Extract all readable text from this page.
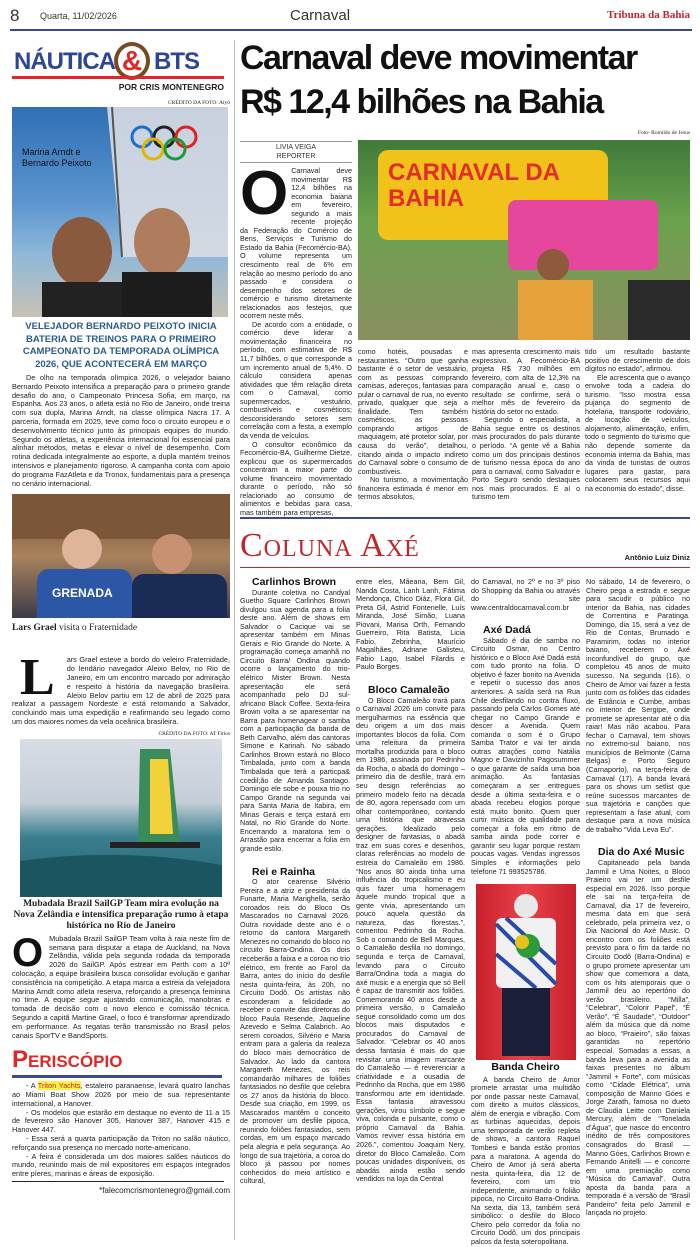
8 Quarta, 11/02/2026	Carnaval	Tribuna da Bahia
NÁUTICA & BTS
POR CRIS MONTENEGRO
CRÉDITO DA FOTO: Aiyô
Marina Arndt e Bernardo Peixoto
VELEJADOR BERNARDO PEIXOTO INICIA BATERIA DE TREINOS PARA O PRIMEIRO CAMPEONATO DA TEMPORADA OLÍMPICA 2026, QUE ACONTECERÁ EM MARÇO

De olho na temporada olímpica 2026, o velejador baiano Bernardo Peixoto intensifica a preparação para o primeiro grande desafio do ano, o Campeonato Princesa Sofia, em março, na Espanha. Aos 23 anos, o atleta está no Rio de Janeiro, onde treina com sua dupla, Marina Arndt, na classe olímpica Nacra 17. A parceria, formada em 2025, teve como foco o circuito europeu e o desenvolvimento técnico junto às principais equipes do mundo. Segundo os atletas, a experiência internacional foi essencial para alinhar métodos, metas e elevar o nível de desempenho. Com rotina dedicada integralmente ao esporte, a dupla mantém treinos intensivos e planejamento rigoroso. A campanha conta com apoio do programa FazAtleta e da Tronox, fundamentais para a presença no cenário internacional.

GRENADA
Lars Grael visita o Fraternidade
L ars Grael esteve a bordo do veleiro Fraternidade, do lendário navegador Aleixo Belov, no Rio de Janeiro, em um encontro marcado por admiração e respeito à história da navegação brasileira. Aleixo Belov partiu em 12 de abril de 2025 para realizar a passagem Nordeste e está retomando a Salvador, concluindo mais uma expedição e reafirmando seu legado como um dos maiores nomes da vela oceânica brasileira.
CRÉDITO DA FOTO: AT Fitlos
Mubadala Brazil SailGP Team mira evolução na Nova Zelândia e intensifica preparação rumo à etapa histórica no Rio de Janeiro
O Mubadala Brazil SailGP Team volta à raia neste fim de semana para disputar a etapa de Auckland, na Nova Zelândia, válida pela segunda rodada da temporada 2026 do SailGP. Após estrear em Perth com a 10ª colocação, a equipe brasileira busca consolidar evolução e ganhar consistência na competição. A etapa marca a estreia da velejadora Marina Arndt como atleta reserva, reforçando a presença feminina no time. A equipe segue ajustando comunicação, manobras e tomada de decisão com o novo elenco e comissão técnica. Segundo a capitã Martine Grael, o foco é transformar aprendizado em performance. As regatas terão transmissão no Brasil pelos canais SporTV e BandSports.
Periscópio

- A Triton Yachts, estaleiro paranaense, levará quatro lanchas ao Miami Boat Show 2026 por meio de sua representante internacional, a Hanover.

- Os modelos que estarão em destaque no evento de 11 a 15 de fevereiro são Hanover 305, Hanover 387, Hanover 415 e Hanover 447.

- Essa será a quarta participação da Triton no salão náutico, reforçando sua presença no mercado norte-americano.

- A feira é considerada um dos maiores salões náuticos do mundo, reunindo mais de mil expositores em espaços integrados entre píeres, marinas e áreas de exposição.

*falecomcrismontenegro@gmail.com
Carnaval deve movimentar
R$ 12,4 bilhões na Bahia
Foto- Romildo de Jesus
LIVIA VEIGA
REPORTER
O Carnaval deve movimentar R$ 12,4 bilhões na economia baiana em fevereiro, segundo a mais recente projeção da Federação do Comércio de Bens, Serviços e Turismo do Estado da Bahia (Fecomércio-BA). O volume representa um crescimento real de 6% em relação ao mesmo período do ano passado e considera o desempenho dos setores de comércio e turismo diretamente relacionados aos festejos, que ocorrem neste mês.

De acordo com a entidade, o comércio deve liderar a movimentação financeira no período, com estimativa de R$ 11,7 bilhões, o que corresponde a um incremento anual de 5,4%. O cálculo considera apenas atividades que têm relação direta com o Carnaval, como supermercados, vestuário, combustíveis e cosméticos; desconsiderando setores sem correlação com a festa, a exemplo da venda de veículos.

O consultor econômico da Fecomércio-BA, Guilherme Dietze, explicou que os supermercados concentram a maior parte do volume financeiro movimentado durante o período, não só relacionado ao consumo de alimentos e bebidas para casa, mas também para empresas,

CARNAVAL DA BAHIA

como hotéis, pousadas e restaurantes. “Outro que ganha bastante é o setor de vestuário, com as pessoas comprando camisas, adereços, fantasias para pular o carnaval de rua, no evento privado, qualquer que seja a finalidade. Tem também cosméticos, as pessoas comprando artigos de maquiagem, até protetor solar, por causa do verão”, detalhou, citando ainda o impacto indireto do Carnaval sobre o consumo de combustíveis.

No turismo, a movimentação financeira estimada é menor em termos absolutos,

mas apresenta crescimento mais expressivo. A Fecomércio-BA projeta R$ 730 milhões em fevereiro, com alta de 12,3% na comparação anual e, caso o resultado se confirme, será o melhor mês de fevereiro da história do setor no estado.

Segundo o especialista, a Bahia segue entre os destinos mais procurados do país durante o período. “A gente vê a Bahia como um dos principais destinos de turismo nessa época do ano para o carnaval, como Salvador e Porto Seguro sendo destaques nos mais procurados. E aí o turismo tem

tido um resultado bastante positivo de crescimento de dois dígitos no estado”, afirmou.

Ele acrescenta que o avanço envolve toda a cadeia do turismo. “Isso mostra essa pujança do segmento de hotelaria, transporte rodoviário, de locação de veículos, alojamento, alimentação, enfim, todo o segmento do turismo que não depende somente da economia interna da Bahia, mas da vinda de turistas de outros lugares para gastar, para colocarem seus recursos aqui na economia do estado”, disse.

Coluna Axé	Antônio Luiz Diniz
Carlinhos Brown

Durante coletiva no Candyal Guetho Square Carlinhos Brown divulgou sua agenda para a folia deste ano. Além de shows em Salvador o Cacique vai se apresentar também em Minas Gerais e Rio Grande do Norte. A programação começa amanhã no Circuito Barra/ Ondina quando ocorre o lançamento do trio-elétrico Mister Brown. Nesta apresentação ele será acompanhado pelo DJ sul-africano Black Coffee. Sexta-feira Brown volta a se aparesentar na Barra para homenagear o samba com a participação da banda de Beth Carvalho, além das cantoras Simone e Karinah. No sábado Carlinhos Brown estará no Bloco Timbalada, junto com a banda Timbalada que terá a particpa& ccedil;ão de Amanda Santiago. Domingo ele sobe e pouxa trio no Campo Grande na segunda vai para Santa Maria de Itabira, em Minas Gerais e terça estará em Natal, no Rio Grande do Norte. Encerrando a maratona tem o Arrastão para encerrar a folia em grande estilo.

Rei e Rainha

O ator cearense Silvério Pereira e a atriz e presidenta da Funarte, Maria Marighella, serão coroados reis do Bloco Os Mascarados no Carnaval 2026. Outra novidade deste ano é o retorno da cantora Margareth Menezes no comando do bloco no circuito Barra-Ondina. Os dois receberão a faixa e a coroa no trio elétrico, em frente ao Farol da Barra, antes do início do desfile nesta quinta-feira, às 20h, no Circuito Dodô. Os artistas não esconderam a felicidade ao receber o convite das diretoras do bloco Paula Resende, Jaqueline Azevedo e Selma Calabrich. Ao serem coroados, Silvério e Maria entram para a galeria da realeza do bloco mais democrático de Salvador. Ao lado da cantora Margareth Menezes, os reis comandarão milhares de foliões fantasiados no desfile que celebra os 27 anos da história do bloco. Desde sua criação, em 1999, os Mascarados mantêm o conceito de promover um desfile pipoca, reunindo foliões fantasiados, sem cordas, em um espaço marcado pela alegria e pela segurança. Ao longo de sua trajetória, a coroa do bloco já passou por nomes conhecidos do meio artístico e cultural,

entre eles, Mãeana, Bem Gil, Nanda Costa, Lanh Lanh, Fátima Mendonça, Chico Diáz, Flora Gil, Preta Gil, Astrid Fontenelle, Luís Miranda, José Simão, Luana Piovani, Marisa Orth, Fernando Guerreiro, Rita Batista, Licia Fabio, Zebrinha, Maurício Magalhães, Adriane Galisteu, Fabio Lago, Isabel Filardis e Paulo Borges.

Bloco Camaleão

O Bloco Camaleão trará para o Carnaval 2026 um convite para mergulharmos na essência que deu origem a um dos mais importantes blocos da folia. Com uma releitura da primeira mortalha produzida para o bloco em 1986, assinada por Pedrinho da Rocha, o abadá do domingo – primeiro dia de desfile, trará em seu design referências ao primeiro modelo feito na década de 80, agora repensado com um olhar contemporâneo, contando uma história que atravessa gerações. Idealizado pelo designer de fantasias, o abadá traz em suas cores e desenhos, claras referências ao modelo de estreia do Camaleão em 1986. “Nos anos 80 ainda tinha uma influência do tropicalismo e eu quis fazer uma homenagem àquele mundo tropical que a gente vivia, apresentando um pouco aquela questão da natureza, das florestas.”, comentou Pedrinho da Rocha. Sob o comando de Bell Marques, o Camaleão desfila no domingo, segunda e terça de Carnaval, levando para o Circuito Barra/Ondina toda a magia do axé music e a energia que só Bell é capaz de transmitir aos foliões. Comemorando 40 anos desde a primeira versão, o Camaleão segue consolidado como um dos blocos mais disputados e procurados do Carnaval de Salvador. “Celebrar os 40 anos dessa fantasia é mais do que revisitar uma imagem marcante do Camaleão — é reverenciar a criatividade e a ousadia de Pedrinho da Rocha, que em 1986 transformou arte em identidade. Essa fantasia atravessou gerações, virou símbolo e segue viva, colorida e pulsante, como o próprio Carnaval da Bahia. Vamos reviver essa história em 2026.”, comentou Joaquim Nery, diretor do Bloco Camaleão. Com poucas unidades disponíveis, os abadás ainda estão sendo vendidos na loja da Central

do Carnaval, no 2º e no 3º piso do Shopping da Bahia ou através do site www.centraldocarnaval.com.br

Axé Dadá

Sábado é dia de samba no Circuito Osmar, no Centro histórico e o Bloco Axé Dadá está com tudo pronto na folia. O objetivo é fazer bonito na Avenida e repetir o sucesso dos anos anteriores. A saída será na Rua Chile desfilando no contra fluxo, passando pela Carlos Gomes até chegar no Campo Grande e descer a Avenida. Quem comanda o som é o Grupo Samba Trator e vai ter ainda outras atrações como Natália Magno e Davizinho Pagosummer o que garante de saída uma boa animação. As fantasias começaram a ser entregues desde a última sexta-feira e o abada recebeu elogios porque está muito bonito. Quem quer curtir música de qualidade para começar a folia em ritmo de samba ainda pode correr e garantir seu lugar porque restam poucas vagas. Vendas ingressos Simples e informações pelo telefone 71 993525786.

Banda Cheiro

A banda Cheiro de Amor promete arrastar uma multidão por onde passar neste Carnaval, com direito a muitos clássicos, além de energia e vibração. Com as turbinas aquecidas, depois uma temporada de verão repleta de shows, a cantora Raquel Tombesi e banda estão prontos para a maratona. A agenda do Cheiro de Amor já será aberta nesta quinta-feira, dia 12 de fevereiro, com um trio independente, animando o folião pipoca, no Circuito Barra-Ondina. Na sexta, dia 13, também será simbólico: o desfile do Bloco Cheiro pelo corredor da folia no Circuito Dodô, um dos principais palcos da festa soteropolitana.

No sábado, 14 de fevereiro, o Cheiro pega a estrada e segue para sacudir o público no interior da Bahia, nas cidades de Correntina e Paratinga. Domingo, dia 15, será a vez de Rio de Contas, Brumado e Paramirim, todas no interior baiano, receberem o Axé inconfundível do grupo, que completou 45 anos de muito sucesso. Na segunda (16), o Cheiro de Amor vai fazer a festa junto com os foliões das cidades de Estância e Cumbe, ambas no interior de Sergipe, onde promete se apresentar até o dia raiar! Mas não acabou. Para fechar o Carnaval, tem shows no extremo-sul baiano, nos municípios de Belmonte (Carna Belgas) e Porto Seguro (Carnaporto), na terça-feira de Carnaval (17). A banda levará para os shows um setlist que reúne sucessos marcantes de sua trajetória e canções que representam a fase atual, com destaque para a nova música de trabalho “Vida Leva Eu”.

Dia do Axé Music

Capitaneado pela banda Jammil e Uma Noites, o Bloco Praieiro vai ter um desfile especial em 2026. Isso porque ele sai na terça-feira de Carnaval, dia 17 de fevereiro, mesma data em que será celebrado, pela primeira vez, o Dia Nacional do Axé Music. O encontro com os foliões está previsto para o fim da tarde no Circuito Dodô (Barra-Ondina) e o grupo promete apresentar um show que comemora a data, com os hits atemporais que o Jammil deu ao repertório do verão brasileiro. “Milla”, “Celebrar”, “Colorir Papel”, “É Verão”, “É Saudade”, “Outdoor” além da música que dá nome ao bloco, “Praieiro”, são faixas garantidas no repertório especial. Somadas a essas, a banda leva para a avenida as faixas presentes no álbum “Jammil + Forte”, com músicas como “Cidade Elétrica”, uma composição de Manno Góes e Jorge Zarath, famosa no dueto de Claudia Leitte com Daniela Mercury, além de “Tonelada d’Água”, que nasce do encontro inédito de três compositores consagrados do Brasil — Manno Góes, Carlinhos Brown e Fernando Anitelli — e concorre em uma premiação como “Música do Carnaval”. Outra aposta da banda para a temporada é a versão de “Brasil Pandeiro” feita pelo Jammil e lançada no projeto.
